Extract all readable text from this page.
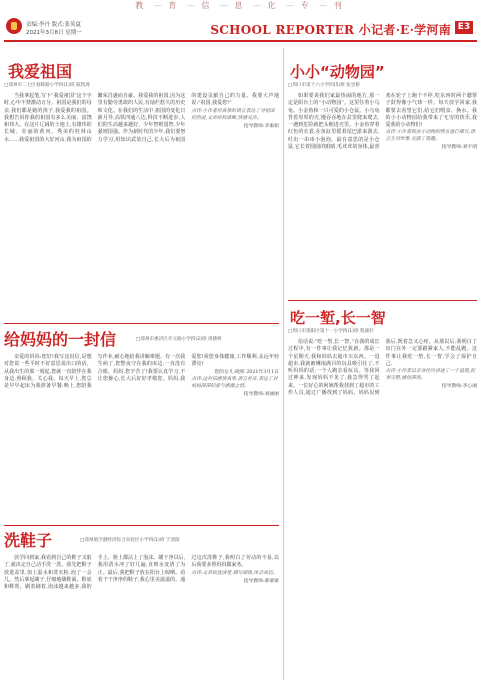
教 — 育 — 信 — 息 — 化 — 专 — 刊
责编:李丹 版式:张英夏
2021年3月8日 星期一	SCHOOL REPORTER 小记者·E·学河南 E3
我爱祖国
□郑州市二七区春晖路小学四(1)班 陈凯琦
当我拿起笔,写下“我爱祖国”这个字时,心中不禁激动万分。祖国是我们的母亲,我们都是她的孩子,我爱我的祖国。我想告诉你我的祖国有多么美丽、富饶和伟大。在这片辽阔的土地上,有雄伟的长城、壮丽的黄河、秀美的桂林山水……我爱祖国的大好河山,我为祖国的繁荣昌盛而自豪。我爱我的祖国,因为这里有勤劳勇敢的人民,有灿烂悠久的历史和文化。在我们的生活中,祖国的变化日新月异,高铁四通八达,科技不断进步,人们的生活越来越好。少年智则国智,少年强则国强。作为新时代的少年,我们要努力学习,用知识武装自己,长大后为祖国的建设贡献自己的力量。我要大声地说:“祖国,我爱您!”
点评:小作者用真挚的语言表达了对祖国的热爱,文章结构清晰,情感充沛。
指导教师:李素娟
给妈妈的一封信	□郑州市惠济区开元路小学四(2)班 周晓妍
亲爱的妈妈:您好!我写这封信,是想对您说一些平时不好意思说出口的话。从我出生的那一刻起,您就一直陪伴在我身边,照顾我、关心我。每天早上,您总是早早起床为我准备早餐;晚上,您陪我写作业,耐心地给我讲解难题。有一次我生病了,您整夜守在我的床边,一直没有合眼。妈妈,您辛苦了!我要认真学习,不让您操心,长大后好好孝敬您。妈妈,我爱您!祝您身体健康,工作顺利,永远年轻漂亮!
您的女儿:晓妍 2021年3月1日
点评:这封信感情真挚,语言朴实,表达了对妈妈深深的爱与感激之情。
指导教师:刘丽丽
洗鞋子	□郑州航空港经济综合实验区小学四(1)班 于清阳
放学回到家,我看到自己的鞋子又脏了,就决定自己动手洗一洗。我先把鞋子放进盆里,加上温水和洗衣粉,泡了一会儿。然后拿起刷子,仔细地刷鞋面、鞋底和鞋帮。刷着刷着,泡沫越来越多,我的手上、脸上都沾上了泡沫。刷干净以后,我用清水冲了好几遍,直到水变清了为止。最后,我把鞋子放在阳台上晾晒。看着干干净净的鞋子,我心里美滋滋的。通过这次洗鞋子,我明白了劳动的不易,以后我要多帮妈妈做家务。
点评:文章叙述清楚,描写细致,体会真切。
指导教师:郝蒙蒙
小小“动物园”
□周口市第十六小学四(5)班 张昱桥
如果要说我们家最热闹的地方,那一定是阳台上的“小动物园”。这里住着小乌龟、小金鱼和一只可爱的小仓鼠。小乌龟背着厚厚的壳,慢吞吞地在盆里爬来爬去,一遇到危险就把头缩进壳里。小金鱼穿着红色的衣裳,在鱼缸里摇着尾巴游来游去,吐出一串串小泡泡。最有意思的是小仓鼠,它长着圆圆的眼睛,毛茸茸的身体,最喜欢在轮子上跑个不停,吃东西时两个腮帮子鼓得像小气球一样。每天放学回家,我都要去看望它们,给它们喂食、换水。我的小小动物园给我带来了无穷的快乐,我爱我的小动物们!
点评:小作者抓住小动物的特点进行描写,语言生动形象,充满了童趣。
指导教师:刘宇朗
吃一堑,长一智
□周口市淮阳区第十一小学四(1)班 程骏轩
俗话说:“吃一堑,长一智。”在我的成长过程中,有一件事让我记忆犹新。那是一个星期天,我和妈妈去超市买东西。一进超市,我就被琳琅满目的玩具吸引住了,不听妈妈的话,一个人跑去看玩具。等我回过神来,发现妈妈不见了,我急得哭了起来。一位好心的阿姨帮我找到了超市的工作人员,通过广播找到了妈妈。妈妈见到我后,既着急又心疼。从那以后,我明白了出门在外一定要跟紧家人,不能乱跑。这件事让我吃一堑,长一智,学会了保护自己。
点评:小作者以亲身经历讲述了一个道理,叙事完整,感悟深刻。
指导教师:李心丽
